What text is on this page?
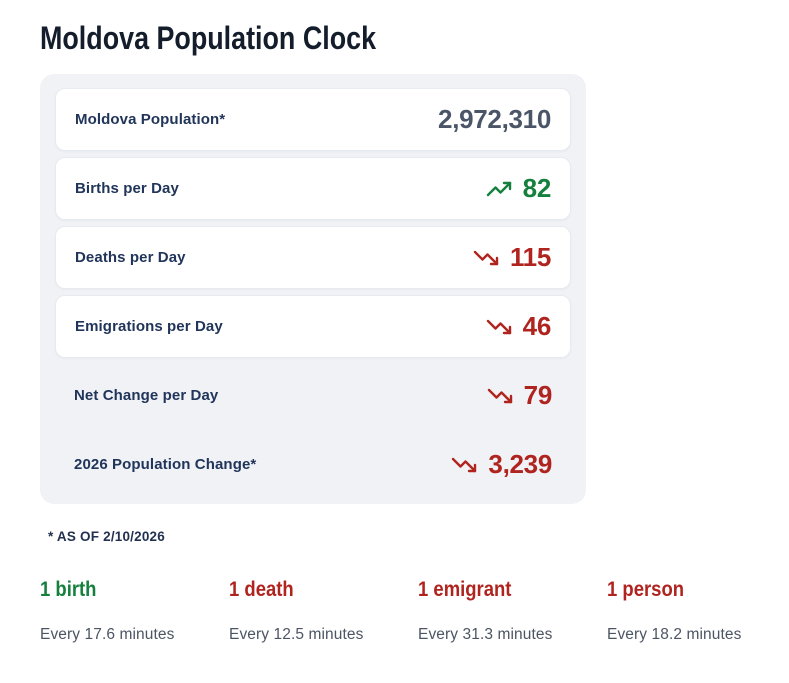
Moldova Population Clock
Moldova Population*	2,972,310
Births per Day	82
Deaths per Day	115
Emigrations per Day	46
Net Change per Day	79
2026 Population Change*	3,239
* AS OF 2/10/2026
1 birth
Every 17.6 minutes
1 death
Every 12.5 minutes
1 emigrant
Every 31.3 minutes
1 person
Every 18.2 minutes
